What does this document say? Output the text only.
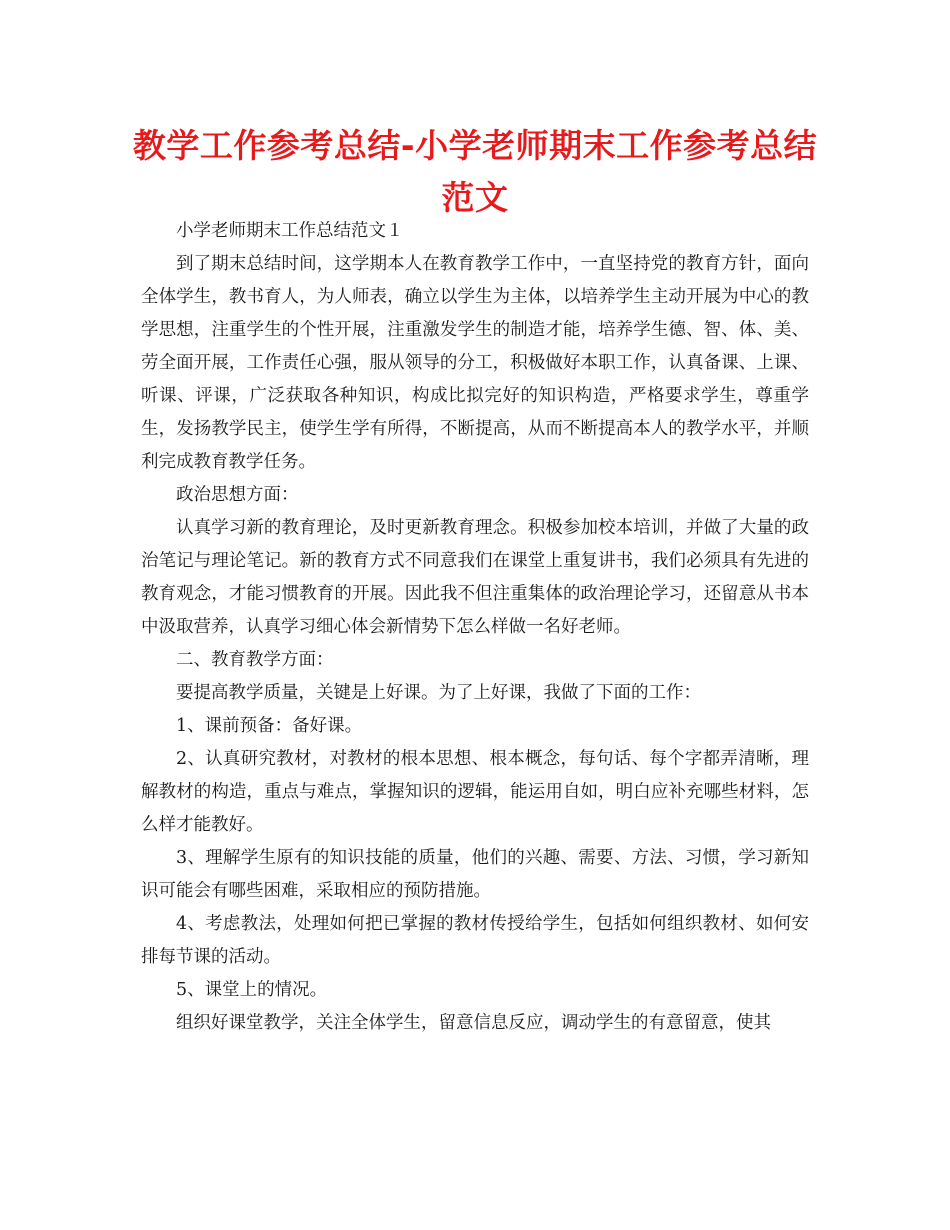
教学工作参考总结-小学老师期末工作参考总结范文

小学老师期末工作总结范文１

到了期末总结时间，这学期本人在教育教学工作中，一直坚持党的教育方针，面向全体学生，教书育人，为人师表，确立以学生为主体，以培养学生主动开展为中心的教学思想，注重学生的个性开展，注重激发学生的制造才能，培养学生德、智、体、美、劳全面开展，工作责任心强，服从领导的分工，积极做好本职工作，认真备课、上课、听课、评课，广泛获取各种知识，构成比拟完好的知识构造，严格要求学生，尊重学生，发扬教学民主，使学生学有所得，不断提高，从而不断提高本人的教学水平，并顺利完成教育教学任务。

政治思想方面：

认真学习新的教育理论，及时更新教育理念。积极参加校本培训，并做了大量的政治笔记与理论笔记。新的教育方式不同意我们在课堂上重复讲书，我们必须具有先进的教育观念，才能习惯教育的开展。因此我不但注重集体的政治理论学习，还留意从书本中汲取营养，认真学习细心体会新情势下怎么样做一名好老师。

二、教育教学方面：

要提高教学质量，关键是上好课。为了上好课，我做了下面的工作：

1、课前预备：备好课。

2、认真研究教材，对教材的根本思想、根本概念，每句话、每个字都弄清晰，理解教材的构造，重点与难点，掌握知识的逻辑，能运用自如，明白应补充哪些材料，怎么样才能教好。

3、理解学生原有的知识技能的质量，他们的兴趣、需要、方法、习惯，学习新知识可能会有哪些困难，采取相应的预防措施。

4、考虑教法，处理如何把已掌握的教材传授给学生，包括如何组织教材、如何安排每节课的活动。

5、课堂上的情况。

组织好课堂教学，关注全体学生，留意信息反应，调动学生的有意留意，使其
